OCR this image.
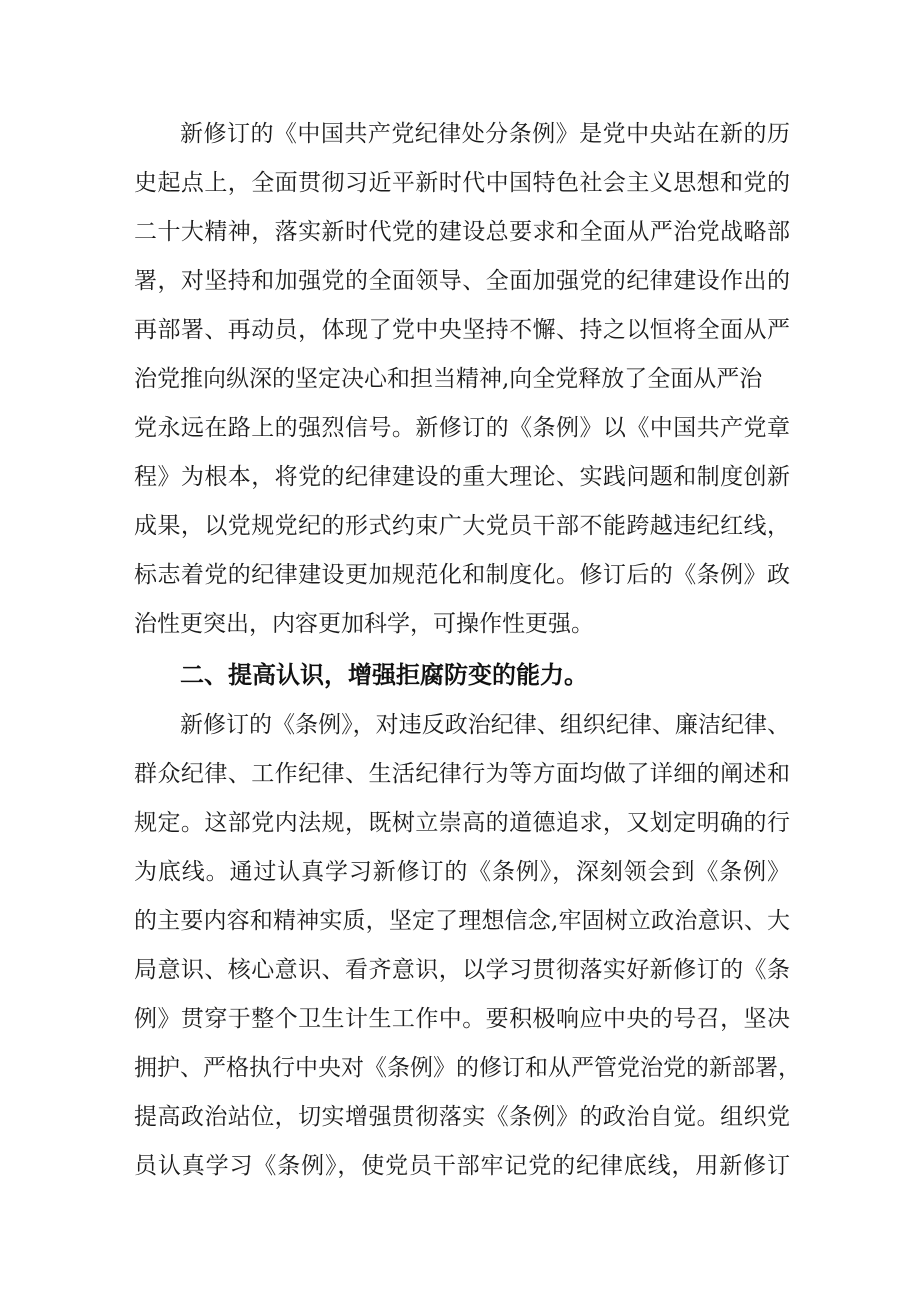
新修订的《中国共产党纪律处分条例》是党中央站在新的历
史起点上，全面贯彻习近平新时代中国特色社会主义思想和党的
二十大精神，落实新时代党的建设总要求和全面从严治党战略部
署，对坚持和加强党的全面领导、全面加强党的纪律建设作出的
再部署、再动员，体现了党中央坚持不懈、持之以恒将全面从严
治党推向纵深的坚定决心和担当精神,向全党释放了全面从严治
党永远在路上的强烈信号。新修订的《条例》以《中国共产党章
程》为根本，将党的纪律建设的重大理论、实践问题和制度创新
成果，以党规党纪的形式约束广大党员干部不能跨越违纪红线，
标志着党的纪律建设更加规范化和制度化。修订后的《条例》政
治性更突出，内容更加科学，可操作性更强。
二、提高认识，增强拒腐防变的能力。
新修订的《条例》，对违反政治纪律、组织纪律、廉洁纪律、
群众纪律、工作纪律、生活纪律行为等方面均做了详细的阐述和
规定。这部党内法规，既树立崇高的道德追求，又划定明确的行
为底线。通过认真学习新修订的《条例》，深刻领会到《条例》
的主要内容和精神实质，坚定了理想信念,牢固树立政治意识、大
局意识、核心意识、看齐意识，以学习贯彻落实好新修订的《条
例》贯穿于整个卫生计生工作中。要积极响应中央的号召，坚决
拥护、严格执行中央对《条例》的修订和从严管党治党的新部署，
提高政治站位，切实增强贯彻落实《条例》的政治自觉。组织党
员认真学习《条例》，使党员干部牢记党的纪律底线，用新修订
